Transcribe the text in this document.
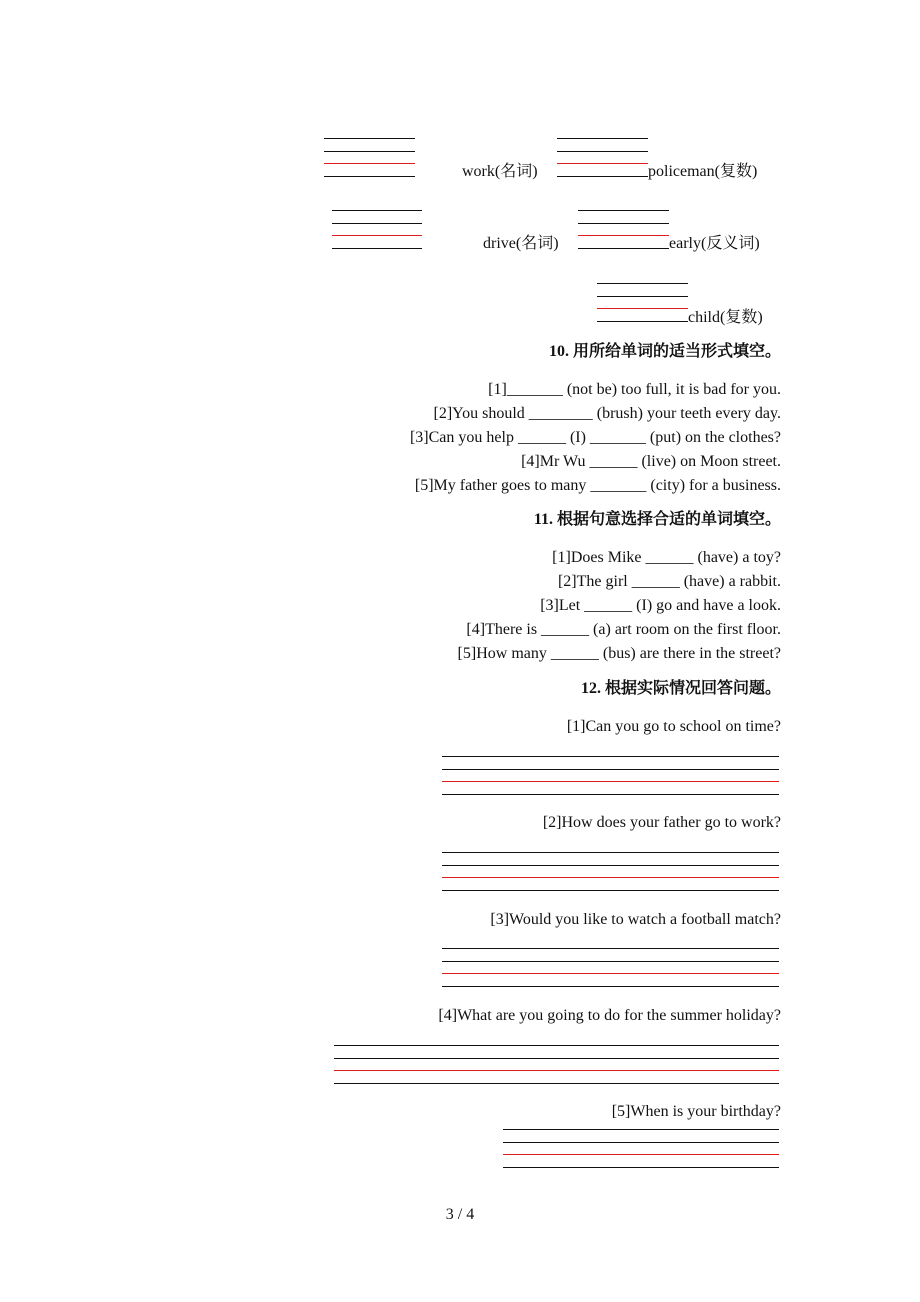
work(名词)	policeman(复数)
drive(名词)	early(反义词)
child(复数)
10. 用所给单词的适当形式填空。
[1]_______ (not be) too full, it is bad for you.
[2]You should ________ (brush) your teeth every day.
[3]Can you help ______ (I) _______ (put) on the clothes?
[4]Mr Wu ______ (live) on Moon street.
[5]My father goes to many _______ (city) for a business.
11. 根据句意选择合适的单词填空。
[1]Does Mike ______ (have) a toy?
[2]The girl ______ (have) a rabbit.
[3]Let ______ (I) go and have a look.
[4]There is ______ (a) art room on the first floor.
[5]How many ______ (bus) are there in the street?
12. 根据实际情况回答问题。
[1]Can you go to school on time?
[2]How does your father go to work?
[3]Would you like to watch a football match?
[4]What are you going to do for the summer holiday?
[5]When is your birthday?
3 / 4
